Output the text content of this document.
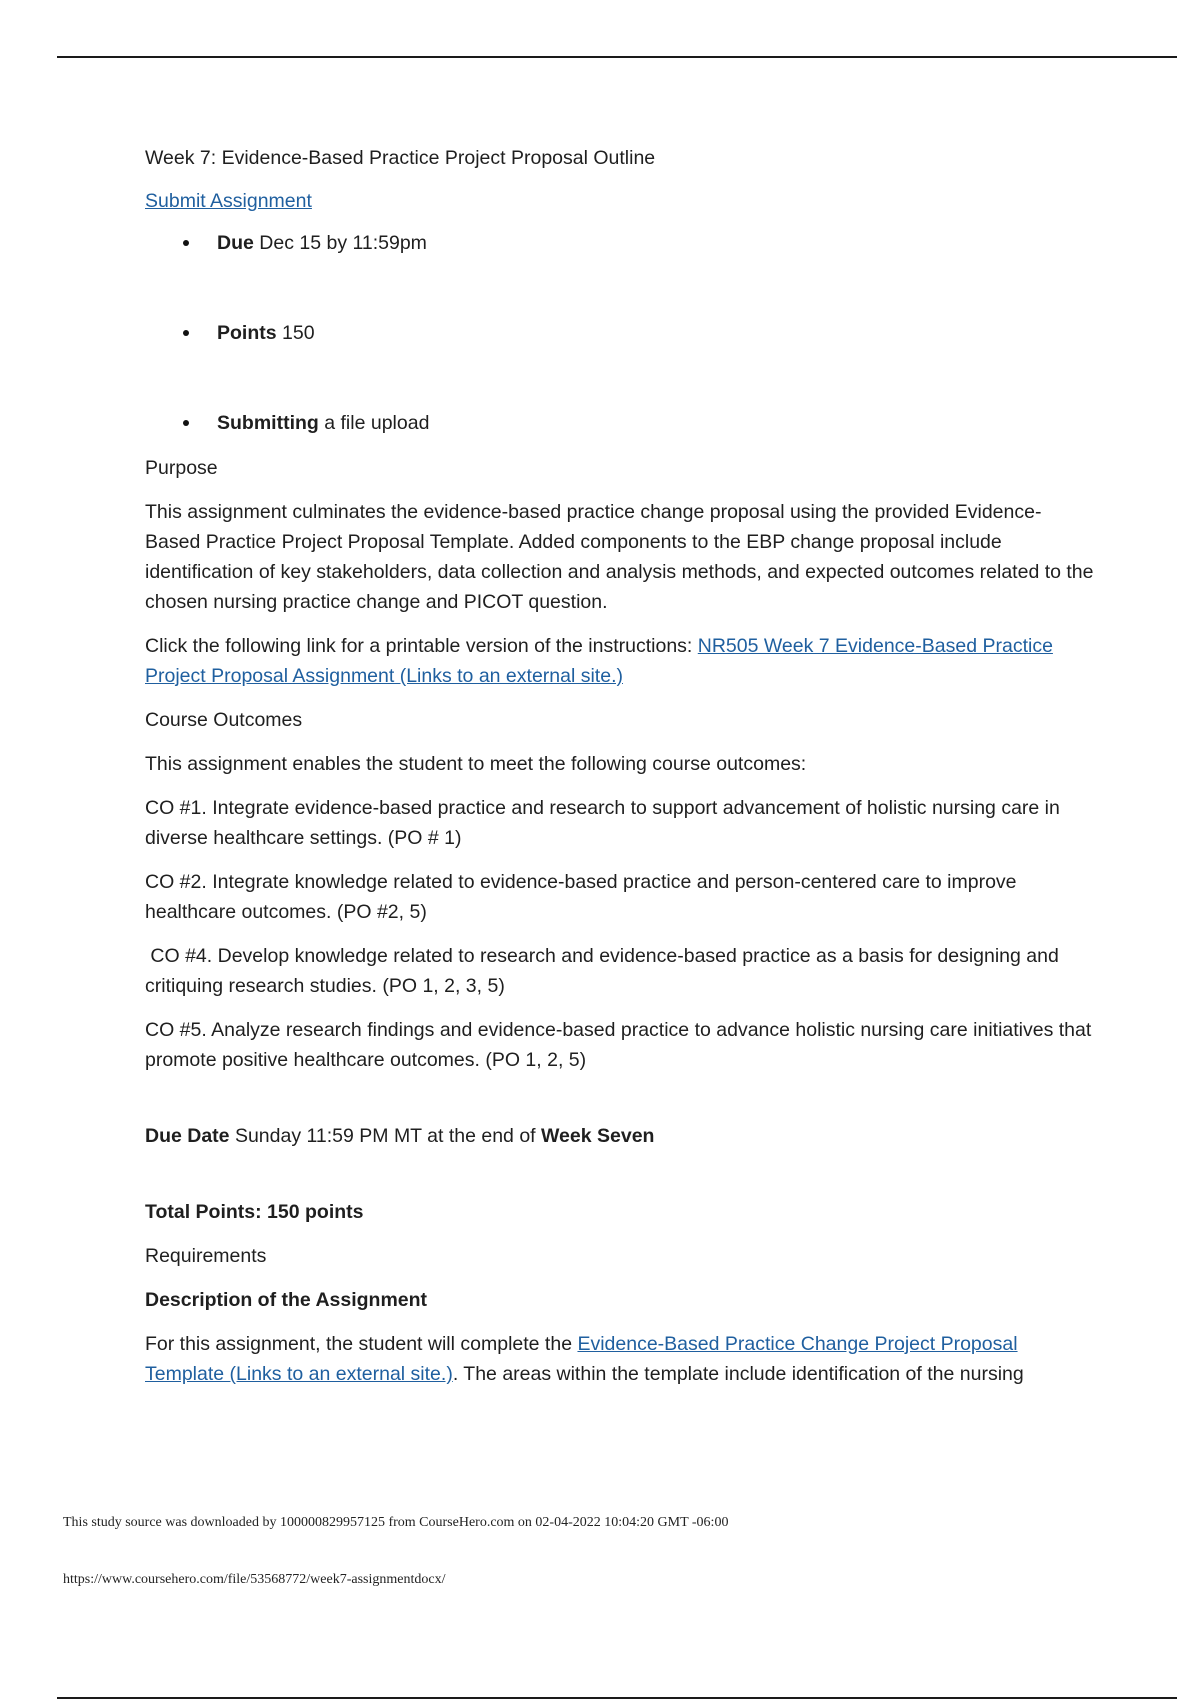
Week 7: Evidence-Based Practice Project Proposal Outline

Submit Assignment

Due Dec 15 by 11:59pm
Points 150
Submitting a file upload

Purpose

This assignment culminates the evidence-based practice change proposal using the provided Evidence-Based Practice Project Proposal Template. Added components to the EBP change proposal include identification of key stakeholders, data collection and analysis methods, and expected outcomes related to the chosen nursing practice change and PICOT question.

Click the following link for a printable version of the instructions: NR505 Week 7 Evidence-Based Practice Project Proposal Assignment (Links to an external site.)

Course Outcomes

This assignment enables the student to meet the following course outcomes:

CO #1. Integrate evidence-based practice and research to support advancement of holistic nursing care in diverse healthcare settings. (PO # 1)

CO #2. Integrate knowledge related to evidence-based practice and person-centered care to improve healthcare outcomes. (PO #2, 5)

CO #4. Develop knowledge related to research and evidence-based practice as a basis for designing and critiquing research studies. (PO 1, 2, 3, 5)

CO #5. Analyze research findings and evidence-based practice to advance holistic nursing care initiatives that promote positive healthcare outcomes. (PO 1, 2, 5)

Due Date Sunday 11:59 PM MT at the end of Week Seven

Total Points: 150 points

Requirements

Description of the Assignment

For this assignment, the student will complete the Evidence-Based Practice Change Project Proposal Template (Links to an external site.). The areas within the template include identification of the nursing

This study source was downloaded by 100000829957125 from CourseHero.com on 02-04-2022 10:04:20 GMT -06:00
https://www.coursehero.com/file/53568772/week7-assignmentdocx/
